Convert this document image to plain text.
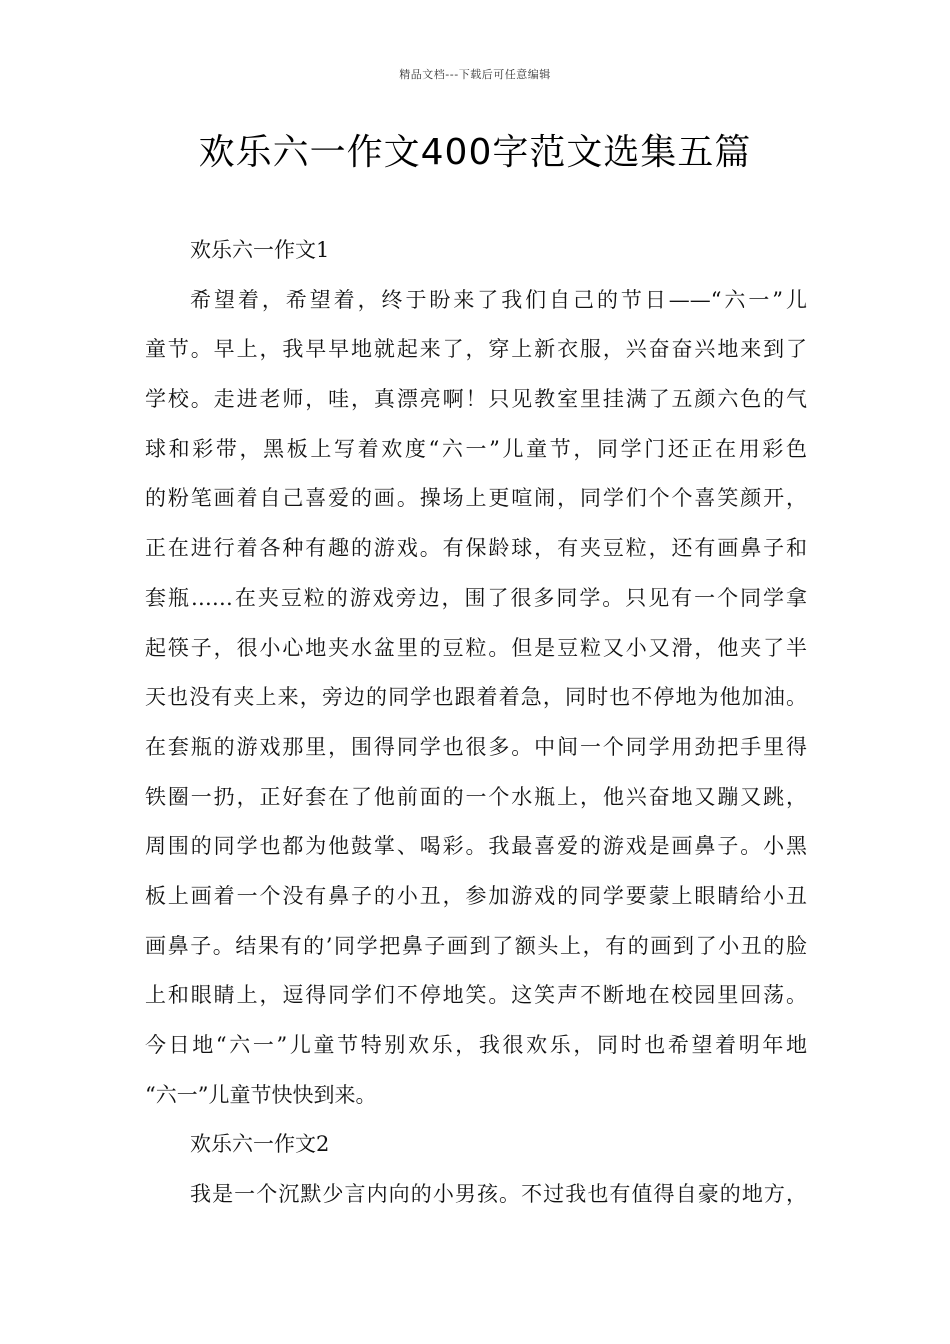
精品文档---下载后可任意编辑
欢乐六一作文400字范文选集五篇
欢乐六一作文1
希望着，希望着，终于盼来了我们自己的节日——“六一”儿
童节。早上，我早早地就起来了，穿上新衣服，兴奋奋兴地来到了
学校。走进老师，哇，真漂亮啊！只见教室里挂满了五颜六色的气
球和彩带，黑板上写着欢度“六一”儿童节，同学门还正在用彩色
的粉笔画着自己喜爱的画。操场上更喧闹，同学们个个喜笑颜开，
正在进行着各种有趣的游戏。有保龄球，有夹豆粒，还有画鼻子和
套瓶……在夹豆粒的游戏旁边，围了很多同学。只见有一个同学拿
起筷子，很小心地夹水盆里的豆粒。但是豆粒又小又滑，他夹了半
天也没有夹上来，旁边的同学也跟着着急，同时也不停地为他加油。
在套瓶的游戏那里，围得同学也很多。中间一个同学用劲把手里得
铁圈一扔，正好套在了他前面的一个水瓶上，他兴奋地又蹦又跳，
周围的同学也都为他鼓掌、喝彩。我最喜爱的游戏是画鼻子。小黑
板上画着一个没有鼻子的小丑，参加游戏的同学要蒙上眼睛给小丑
画鼻子。结果有的’同学把鼻子画到了额头上，有的画到了小丑的脸
上和眼睛上，逗得同学们不停地笑。这笑声不断地在校园里回荡。
今日地“六一”儿童节特别欢乐，我很欢乐，同时也希望着明年地
“六一”儿童节快快到来。
欢乐六一作文2
我是一个沉默少言内向的小男孩。不过我也有值得自豪的地方，
